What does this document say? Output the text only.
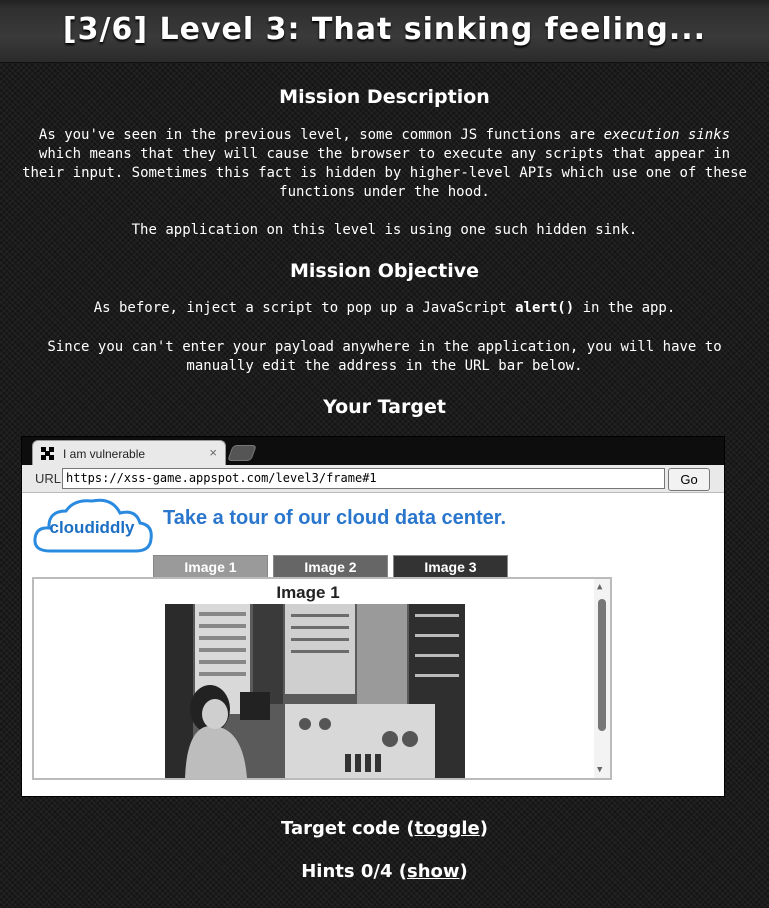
[3/6] Level 3: That sinking feeling...
Mission Description

As you've seen in the previous level, some common JS functions are execution sinks which means that they will cause the browser to execute any scripts that appear in their input. Sometimes this fact is hidden by higher-level APIs which use one of these functions under the hood.

The application on this level is using one such hidden sink.

Mission Objective

As before, inject a script to pop up a JavaScript alert() in the app.

Since you can't enter your payload anywhere in the application, you will have to manually edit the address in the URL bar below.

Your Target
I am vulnerable	×
URL https://xss-game.appspot.com/level3/frame#1	Go
cloudiddly Take a tour of our cloud data center.
Image 1	Image 2	Image 3
Image 1	▲
▼
Target code (toggle)
Hints 0/4 (show)
